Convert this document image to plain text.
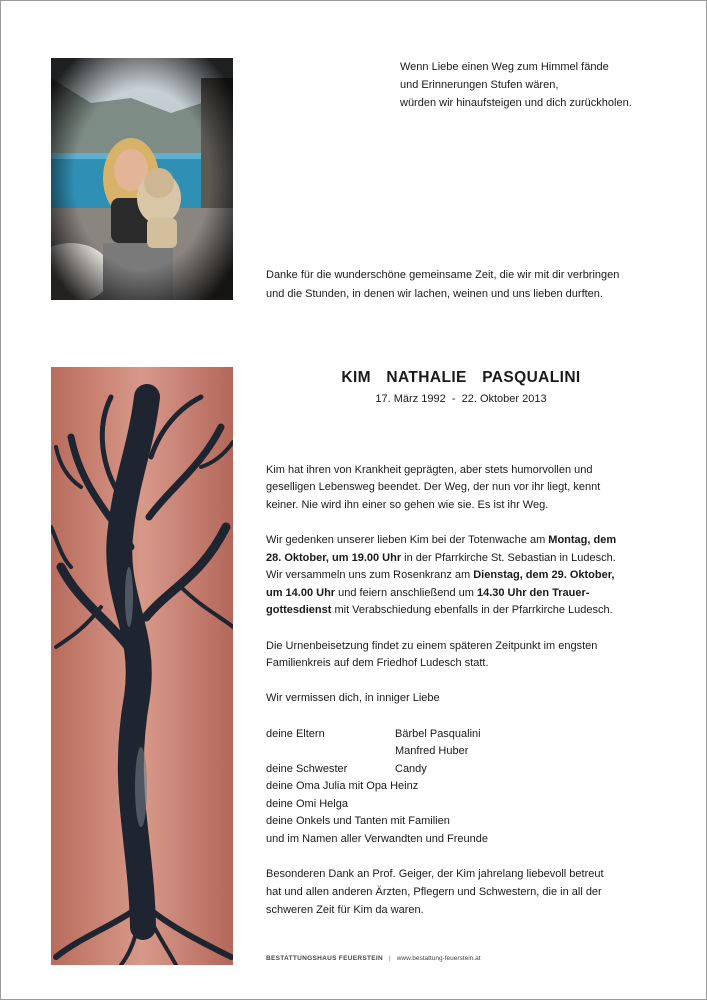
Wenn Liebe einen Weg zum Himmel fände
und Erinnerungen Stufen wären,
würden wir hinaufsteigen und dich zurückholen.
Danke für die wunderschöne gemeinsame Zeit, die wir mit dir verbringen
und die Stunden, in denen wir lachen, weinen und uns lieben durften.
KIM  NATHALIE  PASQUALINI
17. März 1992  -  22. Oktober 2013

Kim hat ihren von Krankheit geprägten, aber stets humorvollen und
geselligen Lebensweg beendet. Der Weg, der nun vor ihr liegt, kennt
keiner. Nie wird ihn einer so gehen wie sie. Es ist ihr Weg.

Wir gedenken unserer lieben Kim bei der Totenwache am Montag, dem
28. Oktober, um 19.00 Uhr in der Pfarrkirche St. Sebastian in Ludesch.
Wir versammeln uns zum Rosenkranz am Dienstag, dem 29. Oktober,
um 14.00 Uhr und feiern anschließend um 14.30 Uhr den Trauer-
gottesdienst mit Verabschiedung ebenfalls in der Pfarrkirche Ludesch.

Die Urnenbeisetzung findet zu einem späteren Zeitpunkt im engsten
Familienkreis auf dem Friedhof Ludesch statt.

Wir vermissen dich, in inniger Liebe

deine Eltern	Bärbel Pasqualini
Manfred Huber
deine Schwester	Candy
deine Oma Julia mit Opa Heinz
deine Omi Helga
deine Onkels und Tanten mit Familien
und im Namen aller Verwandten und Freunde
Besonderen Dank an Prof. Geiger, der Kim jahrelang liebevoll betreut
hat und allen anderen Ärzten, Pflegern und Schwestern, die in all der
schweren Zeit für Kim da waren.
BESTATTUNGSHAUS FEUERSTEIN | www.bestattung-feuerstein.at
